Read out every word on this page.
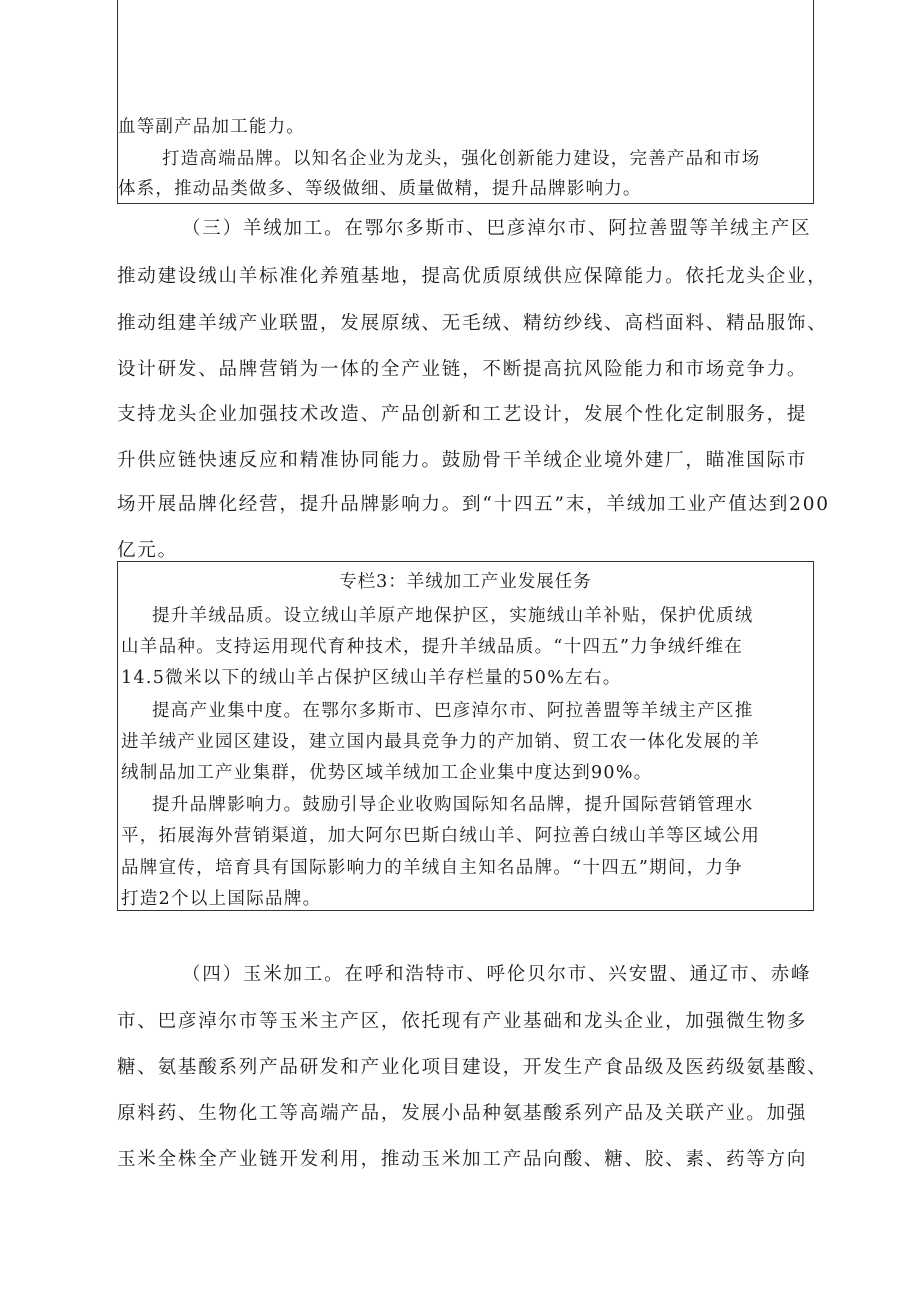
血等副产品加工能力。
打造高端品牌。以知名企业为龙头，强化创新能力建设，完善产品和市场
体系，推动品类做多、等级做细、质量做精，提升品牌影响力。
（三）羊绒加工。在鄂尔多斯市、巴彦淖尔市、阿拉善盟等羊绒主产区
推动建设绒山羊标准化养殖基地，提高优质原绒供应保障能力。依托龙头企业，
推动组建羊绒产业联盟，发展原绒、无毛绒、精纺纱线、高档面料、精品服饰、
设计研发、品牌营销为一体的全产业链，不断提高抗风险能力和市场竞争力。
支持龙头企业加强技术改造、产品创新和工艺设计，发展个性化定制服务，提
升供应链快速反应和精准协同能力。鼓励骨干羊绒企业境外建厂，瞄准国际市
场开展品牌化经营，提升品牌影响力。到“十四五”末，羊绒加工业产值达到200
亿元。
专栏3：羊绒加工产业发展任务
提升羊绒品质。设立绒山羊原产地保护区，实施绒山羊补贴，保护优质绒
山羊品种。支持运用现代育种技术，提升羊绒品质。“十四五”力争绒纤维在
14.5微米以下的绒山羊占保护区绒山羊存栏量的50%左右。
提高产业集中度。在鄂尔多斯市、巴彦淖尔市、阿拉善盟等羊绒主产区推
进羊绒产业园区建设，建立国内最具竞争力的产加销、贸工农一体化发展的羊
绒制品加工产业集群，优势区域羊绒加工企业集中度达到90%。
提升品牌影响力。鼓励引导企业收购国际知名品牌，提升国际营销管理水
平，拓展海外营销渠道，加大阿尔巴斯白绒山羊、阿拉善白绒山羊等区域公用
品牌宣传，培育具有国际影响力的羊绒自主知名品牌。“十四五”期间，力争
打造2个以上国际品牌。
（四）玉米加工。在呼和浩特市、呼伦贝尔市、兴安盟、通辽市、赤峰
市、巴彦淖尔市等玉米主产区，依托现有产业基础和龙头企业，加强微生物多
糖、氨基酸系列产品研发和产业化项目建设，开发生产食品级及医药级氨基酸、
原料药、生物化工等高端产品，发展小品种氨基酸系列产品及关联产业。加强
玉米全株全产业链开发利用，推动玉米加工产品向酸、糖、胶、素、药等方向
